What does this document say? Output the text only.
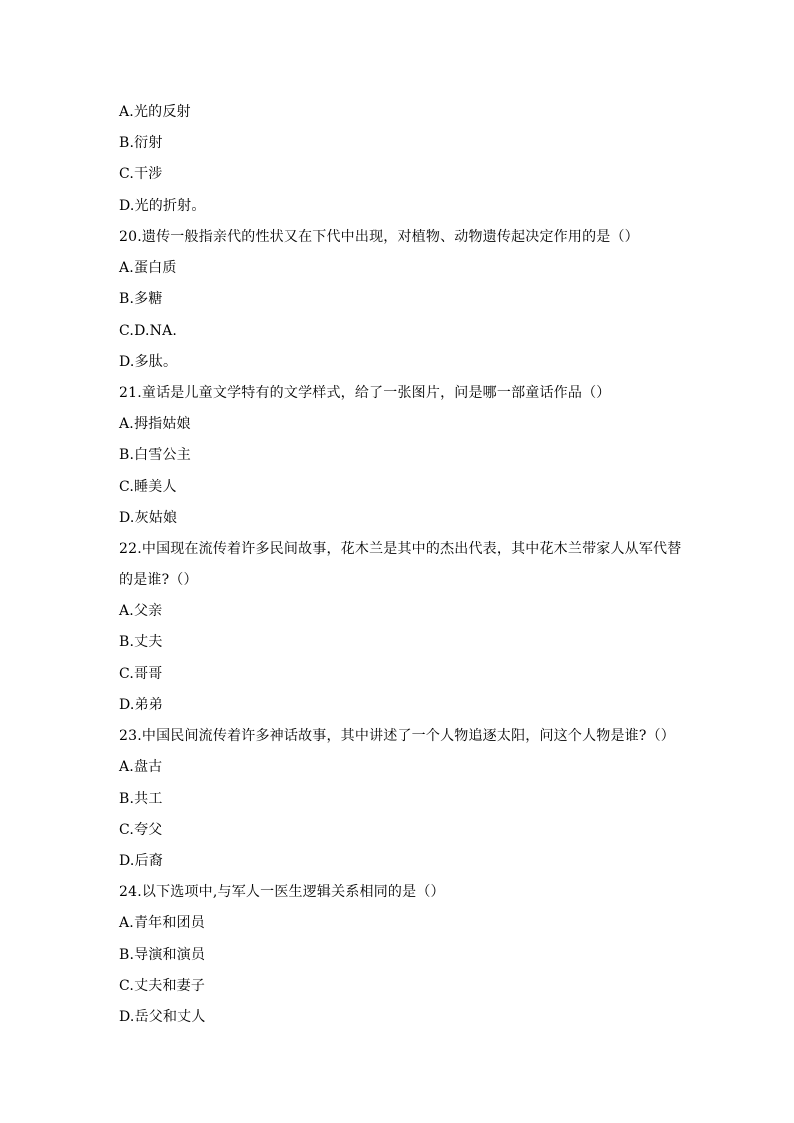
A.光的反射
B.衍射
C.干涉
D.光的折射。
20.遗传一般指亲代的性状又在下代中出现，对植物、动物遗传起决定作用的是（）
A.蛋白质
B.多糖
C.D.NA.
D.多肽。
21.童话是儿童文学特有的文学样式，给了一张图片，问是哪一部童话作品（）
A.拇指姑娘
B.白雪公主
C.睡美人
D.灰姑娘
22.中国现在流传着许多民间故事，花木兰是其中的杰出代表，其中花木兰带家人从军代替
的是谁?（）
A.父亲
B.丈夫
C.哥哥
D.弟弟
23.中国民间流传着许多神话故事，其中讲述了一个人物追逐太阳，问这个人物是谁?（）
A.盘古
B.共工
C.夸父
D.后裔
24.以下选项中,与军人一医生逻辑关系相同的是（）
A.青年和团员
B.导演和演员
C.丈夫和妻子
D.岳父和丈人
